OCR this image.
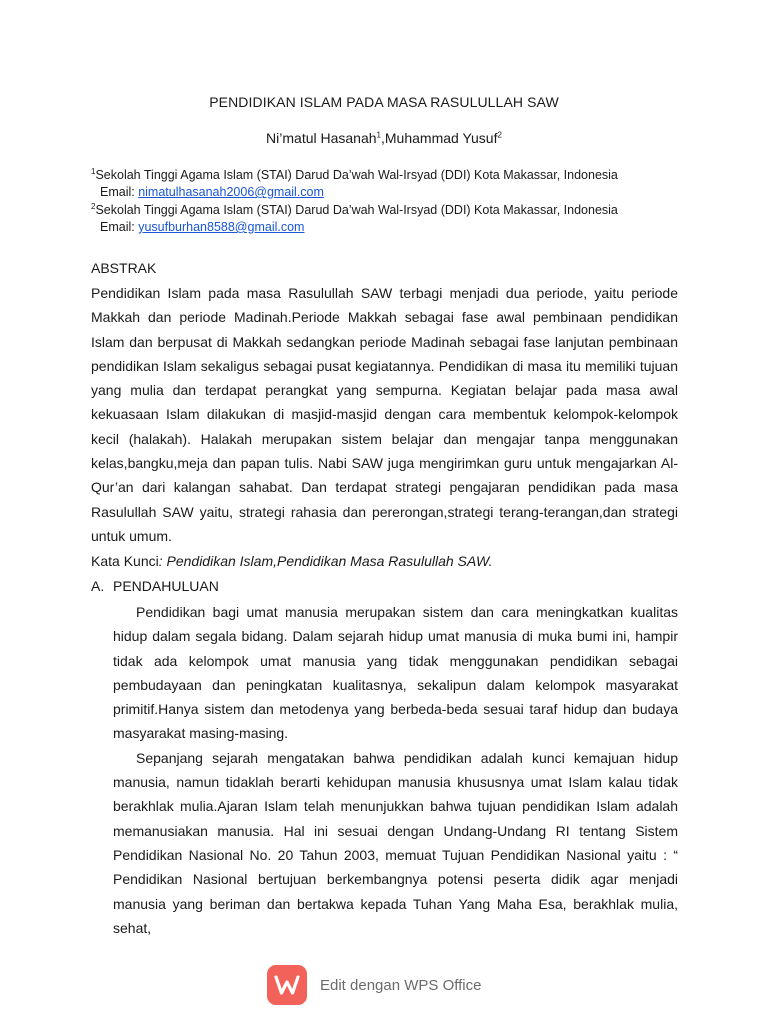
PENDIDIKAN ISLAM PADA MASA RASULULLAH SAW
Ni’matul Hasanah$^1$,Muhammad Yusuf$^2$
$^1$Sekolah Tinggi Agama Islam (STAI) Darud Da’wah Wal-Irsyad (DDI) Kota Makassar, Indonesia
Email: nimatulhasanah2006@gmail.com
$^2$Sekolah Tinggi Agama Islam (STAI) Darud Da’wah Wal-Irsyad (DDI) Kota Makassar, Indonesia
Email: yusufburhan8588@gmail.com
ABSTRAK
Pendidikan Islam pada masa Rasulullah SAW terbagi menjadi dua periode, yaitu periode Makkah dan periode Madinah.Periode Makkah sebagai fase awal pembinaan pendidikan Islam dan berpusat di Makkah sedangkan periode Madinah sebagai fase lanjutan pembinaan pendidikan Islam sekaligus sebagai pusat kegiatannya. Pendidikan di masa itu memiliki tujuan yang mulia dan terdapat perangkat yang sempurna. Kegiatan belajar pada masa awal kekuasaan Islam dilakukan di masjid-masjid dengan cara membentuk kelompok-kelompok kecil (halakah). Halakah merupakan sistem belajar dan mengajar tanpa menggunakan kelas,bangku,meja dan papan tulis. Nabi SAW juga mengirimkan guru untuk mengajarkan Al-Qur’an dari kalangan sahabat. Dan terdapat strategi pengajaran pendidikan pada masa Rasulullah SAW yaitu, strategi rahasia dan pererongan,strategi terang-terangan,dan strategi untuk umum.
Kata Kunci: Pendidikan Islam,Pendidikan Masa Rasulullah SAW.
A. PENDAHULUAN

Pendidikan bagi umat manusia merupakan sistem dan cara meningkatkan kualitas hidup dalam segala bidang. Dalam sejarah hidup umat manusia di muka bumi ini, hampir tidak ada kelompok umat manusia yang tidak menggunakan pendidikan sebagai pembudayaan dan peningkatan kualitasnya, sekalipun dalam kelompok masyarakat primitif.Hanya sistem dan metodenya yang berbeda-beda sesuai taraf hidup dan budaya masyarakat masing-masing.

Sepanjang sejarah mengatakan bahwa pendidikan adalah kunci kemajuan hidup manusia, namun tidaklah berarti kehidupan manusia khususnya umat Islam kalau tidak berakhlak mulia.Ajaran Islam telah menunjukkan bahwa tujuan pendidikan Islam adalah memanusiakan manusia. Hal ini sesuai dengan Undang-Undang RI tentang Sistem Pendidikan Nasional No. 20 Tahun 2003, memuat Tujuan Pendidikan Nasional yaitu : “ Pendidikan Nasional bertujuan berkembangnya potensi peserta didik agar menjadi manusia yang beriman dan bertakwa kepada Tuhan Yang Maha Esa, berakhlak mulia, sehat,

Edit dengan WPS Office
